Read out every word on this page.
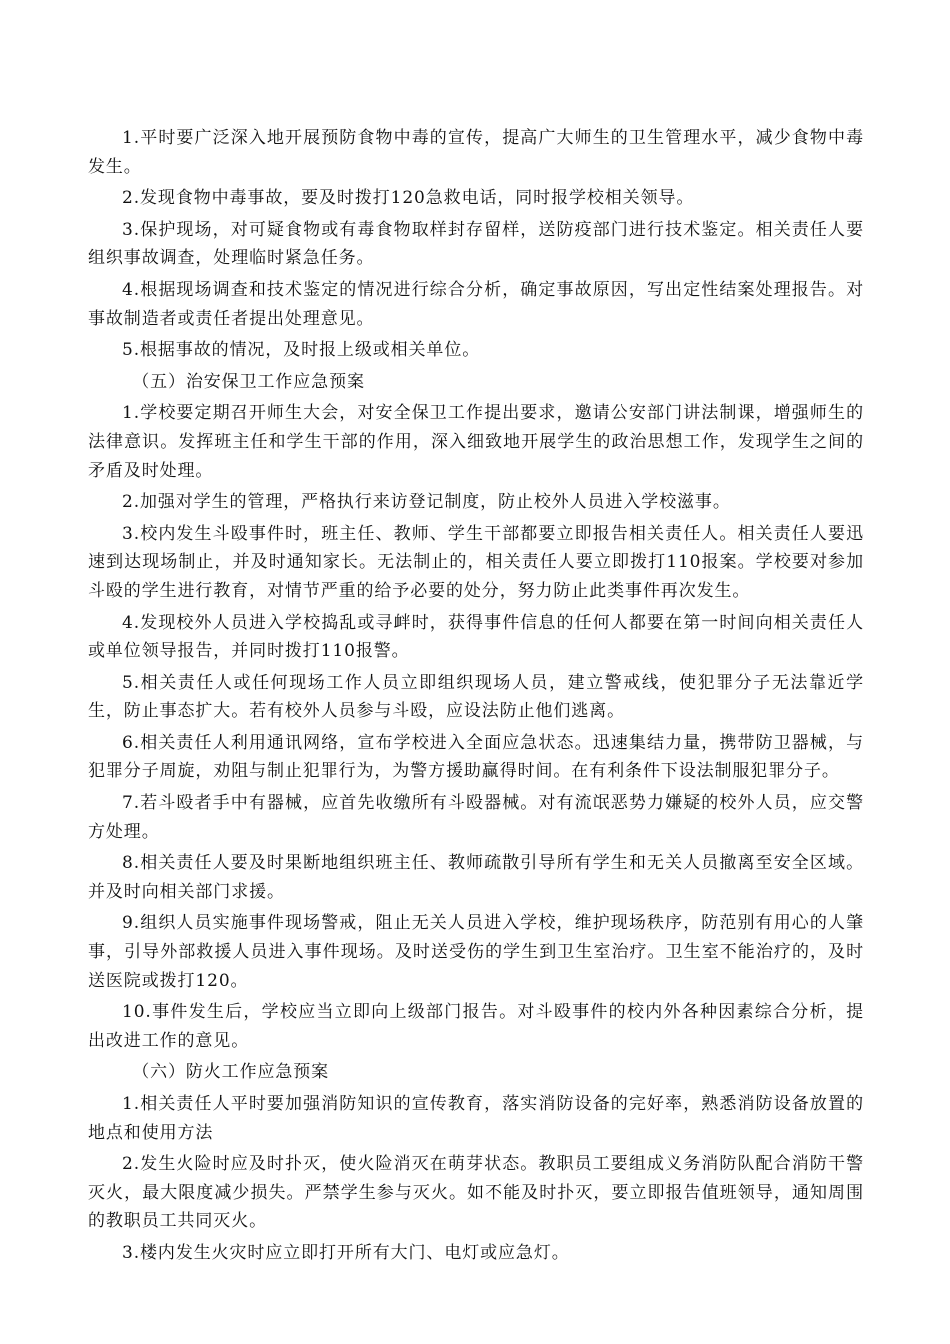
1.平时要广泛深入地开展预防食物中毒的宣传，提高广大师生的卫生管理水平，减少食物中毒发生。

2.发现食物中毒事故，要及时拨打120急救电话，同时报学校相关领导。

3.保护现场，对可疑食物或有毒食物取样封存留样，送防疫部门进行技术鉴定。相关责任人要组织事故调查，处理临时紧急任务。

4.根据现场调查和技术鉴定的情况进行综合分析，确定事故原因，写出定性结案处理报告。对事故制造者或责任者提出处理意见。

5.根据事故的情况，及时报上级或相关单位。

（五）治安保卫工作应急预案

1.学校要定期召开师生大会，对安全保卫工作提出要求，邀请公安部门讲法制课，增强师生的法律意识。发挥班主任和学生干部的作用，深入细致地开展学生的政治思想工作，发现学生之间的矛盾及时处理。

2.加强对学生的管理，严格执行来访登记制度，防止校外人员进入学校滋事。

3.校内发生斗殴事件时，班主任、教师、学生干部都要立即报告相关责任人。相关责任人要迅速到达现场制止，并及时通知家长。无法制止的，相关责任人要立即拨打110报案。学校要对参加斗殴的学生进行教育，对情节严重的给予必要的处分，努力防止此类事件再次发生。

4.发现校外人员进入学校捣乱或寻衅时，获得事件信息的任何人都要在第一时间向相关责任人或单位领导报告，并同时拨打110报警。

5.相关责任人或任何现场工作人员立即组织现场人员，建立警戒线，使犯罪分子无法靠近学生，防止事态扩大。若有校外人员参与斗殴，应设法防止他们逃离。

6.相关责任人利用通讯网络，宣布学校进入全面应急状态。迅速集结力量，携带防卫器械，与犯罪分子周旋，劝阻与制止犯罪行为，为警方援助赢得时间。在有利条件下设法制服犯罪分子。

7.若斗殴者手中有器械，应首先收缴所有斗殴器械。对有流氓恶势力嫌疑的校外人员，应交警方处理。

8.相关责任人要及时果断地组织班主任、教师疏散引导所有学生和无关人员撤离至安全区域。并及时向相关部门求援。

9.组织人员实施事件现场警戒，阻止无关人员进入学校，维护现场秩序，防范别有用心的人肇事，引导外部救援人员进入事件现场。及时送受伤的学生到卫生室治疗。卫生室不能治疗的，及时送医院或拨打120。

10.事件发生后，学校应当立即向上级部门报告。对斗殴事件的校内外各种因素综合分析，提出改进工作的意见。

（六）防火工作应急预案

1.相关责任人平时要加强消防知识的宣传教育，落实消防设备的完好率，熟悉消防设备放置的地点和使用方法

2.发生火险时应及时扑灭，使火险消灭在萌芽状态。教职员工要组成义务消防队配合消防干警灭火，最大限度减少损失。严禁学生参与灭火。如不能及时扑灭，要立即报告值班领导，通知周围的教职员工共同灭火。

3.楼内发生火灾时应立即打开所有大门、电灯或应急灯。
